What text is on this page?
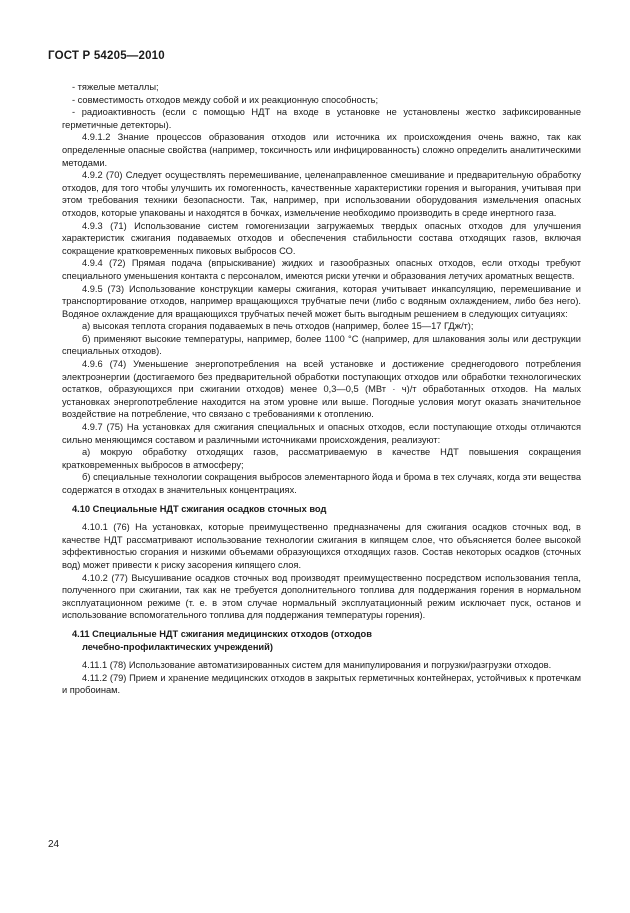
ГОСТ Р 54205—2010

- тяжелые металлы;

- совместимость отходов между собой и их реакционную способность;

- радиоактивность (если с помощью НДТ на входе в установке не установлены жестко зафиксированные герметичные детекторы).

4.9.1.2 Знание процессов образования отходов или источника их происхождения очень важно, так как определенные опасные свойства (например, токсичность или инфицированность) сложно определить аналитическими методами.

4.9.2 (70) Следует осуществлять перемешивание, целенаправленное смешивание и предварительную обработку отходов, для того чтобы улучшить их гомогенность, качественные характеристики горения и выгорания, учитывая при этом требования техники безопасности. Так, например, при использовании оборудования измельчения опасных отходов, которые упакованы и находятся в бочках, измельчение необходимо производить в среде инертного газа.

4.9.3 (71) Использование систем гомогенизации загружаемых твердых опасных отходов для улучшения характеристик сжигания подаваемых отходов и обеспечения стабильности состава отходящих газов, включая сокращение кратковременных пиковых выбросов СО.

4.9.4 (72) Прямая подача (впрыскивание) жидких и газообразных опасных отходов, если отходы требуют специального уменьшения контакта с персоналом, имеются риски утечки и образования летучих ароматных веществ.

4.9.5 (73) Использование конструкции камеры сжигания, которая учитывает инкапсуляцию, перемешивание и транспортирование отходов, например вращающихся трубчатые печи (либо с водяным охлаждением, либо без него). Водяное охлаждение для вращающихся трубчатых печей может быть выгодным решением в следующих ситуациях:

а) высокая теплота сгорания подаваемых в печь отходов (например, более 15—17 ГДж/т);

б) применяют высокие температуры, например, более 1100 °С (например, для шлакования золы или деструкции специальных отходов).

4.9.6 (74) Уменьшение энергопотребления на всей установке и достижение среднегодового потребления электроэнергии (достигаемого без предварительной обработки поступающих отходов или обработки технологических остатков, образующихся при сжигании отходов) менее 0,3—0,5 (МВт · ч)/т обработанных отходов. На малых установках энергопотребление находится на этом уровне или выше. Погодные условия могут оказать значительное воздействие на потребление, что связано с требованиями к отоплению.

4.9.7 (75) На установках для сжигания специальных и опасных отходов, если поступающие отходы отличаются сильно меняющимся составом и различными источниками происхождения, реализуют:

а) мокрую обработку отходящих газов, рассматриваемую в качестве НДТ повышения сокращения кратковременных выбросов в атмосферу;

б) специальные технологии сокращения выбросов элементарного йода и брома в тех случаях, когда эти вещества содержатся в отходах в значительных концентрациях.

4.10 Специальные НДТ сжигания осадков сточных вод

4.10.1 (76) На установках, которые преимущественно предназначены для сжигания осадков сточных вод, в качестве НДТ рассматривают использование технологии сжигания в кипящем слое, что объясняется более высокой эффективностью сгорания и низкими объемами образующихся отходящих газов. Состав некоторых осадков (сточных вод) может привести к риску засорения кипящего слоя.

4.10.2 (77) Высушивание осадков сточных вод производят преимущественно посредством использования тепла, полученного при сжигании, так как не требуется дополнительного топлива для поддержания горения в нормальном эксплуатационном режиме (т. е. в этом случае нормальный эксплуатационный режим исключает пуск, останов и использование вспомогательного топлива для поддержания температуры горения).

4.11 Специальные НДТ сжигания медицинских отходов (отходов
лечебно-профилактических учреждений)

4.11.1 (78) Использование автоматизированных систем для манипулирования и погрузки/разгрузки отходов.

4.11.2 (79) Прием и хранение медицинских отходов в закрытых герметичных контейнерах, устойчивых к протечкам и пробоинам.

24
